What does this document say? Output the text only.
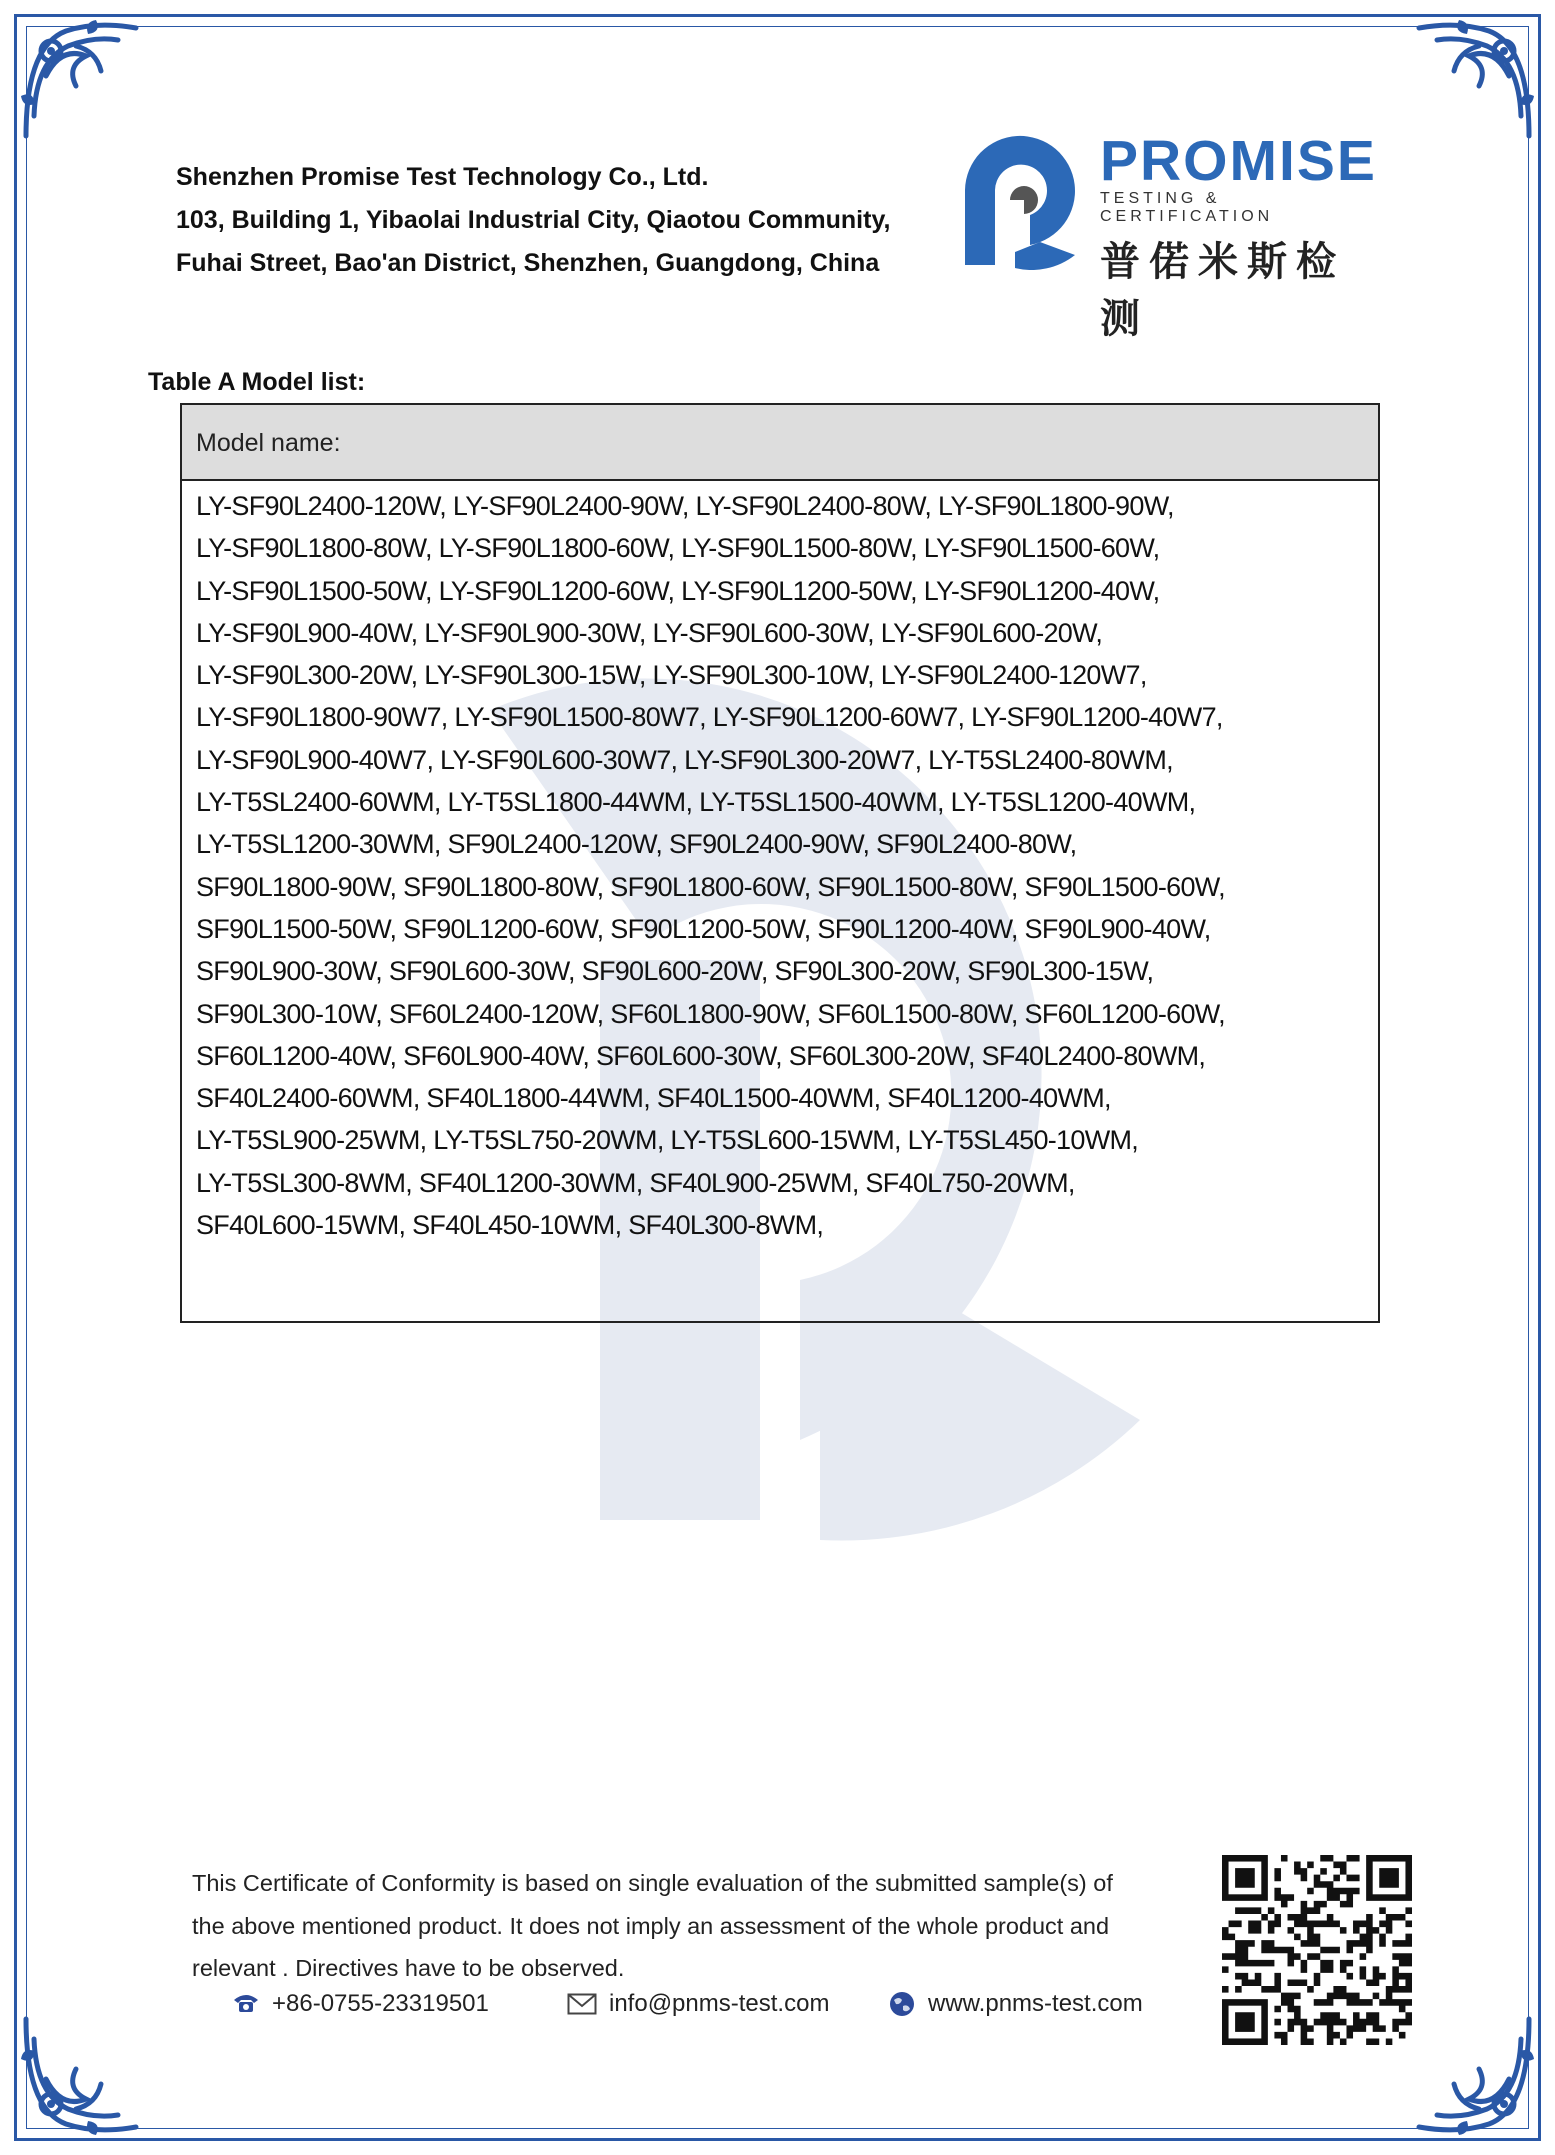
Shenzhen Promise Test Technology Co., Ltd.
103, Building 1, Yibaolai Industrial City, Qiaotou Community,
Fuhai Street, Bao'an District, Shenzhen, Guangdong, China
PROMISE
TESTING & CERTIFICATION
普偌米斯检测
Table A Model list:
Model name:
LY-SF90L2400-120W, LY-SF90L2400-90W, LY-SF90L2400-80W, LY-SF90L1800-90W,
LY-SF90L1800-80W, LY-SF90L1800-60W, LY-SF90L1500-80W, LY-SF90L1500-60W,
LY-SF90L1500-50W, LY-SF90L1200-60W, LY-SF90L1200-50W, LY-SF90L1200-40W,
LY-SF90L900-40W, LY-SF90L900-30W, LY-SF90L600-30W, LY-SF90L600-20W,
LY-SF90L300-20W, LY-SF90L300-15W, LY-SF90L300-10W, LY-SF90L2400-120W7,
LY-SF90L1800-90W7, LY-SF90L1500-80W7, LY-SF90L1200-60W7, LY-SF90L1200-40W7,
LY-SF90L900-40W7, LY-SF90L600-30W7, LY-SF90L300-20W7, LY-T5SL2400-80WM,
LY-T5SL2400-60WM, LY-T5SL1800-44WM, LY-T5SL1500-40WM, LY-T5SL1200-40WM,
LY-T5SL1200-30WM, SF90L2400-120W, SF90L2400-90W, SF90L2400-80W,
SF90L1800-90W, SF90L1800-80W, SF90L1800-60W, SF90L1500-80W, SF90L1500-60W,
SF90L1500-50W, SF90L1200-60W, SF90L1200-50W, SF90L1200-40W, SF90L900-40W,
SF90L900-30W, SF90L600-30W, SF90L600-20W, SF90L300-20W, SF90L300-15W,
SF90L300-10W, SF60L2400-120W, SF60L1800-90W, SF60L1500-80W, SF60L1200-60W,
SF60L1200-40W, SF60L900-40W, SF60L600-30W, SF60L300-20W, SF40L2400-80WM,
SF40L2400-60WM, SF40L1800-44WM, SF40L1500-40WM, SF40L1200-40WM,
LY-T5SL900-25WM, LY-T5SL750-20WM, LY-T5SL600-15WM, LY-T5SL450-10WM,
LY-T5SL300-8WM, SF40L1200-30WM, SF40L900-25WM, SF40L750-20WM,
SF40L600-15WM, SF40L450-10WM, SF40L300-8WM,
This Certificate of Conformity is based on single evaluation of the submitted sample(s) of
the above mentioned product. It does not imply an assessment of the whole product and
relevant . Directives have to be observed.
+86-0755-23319501	info@pnms-test.com	www.pnms-test.com
